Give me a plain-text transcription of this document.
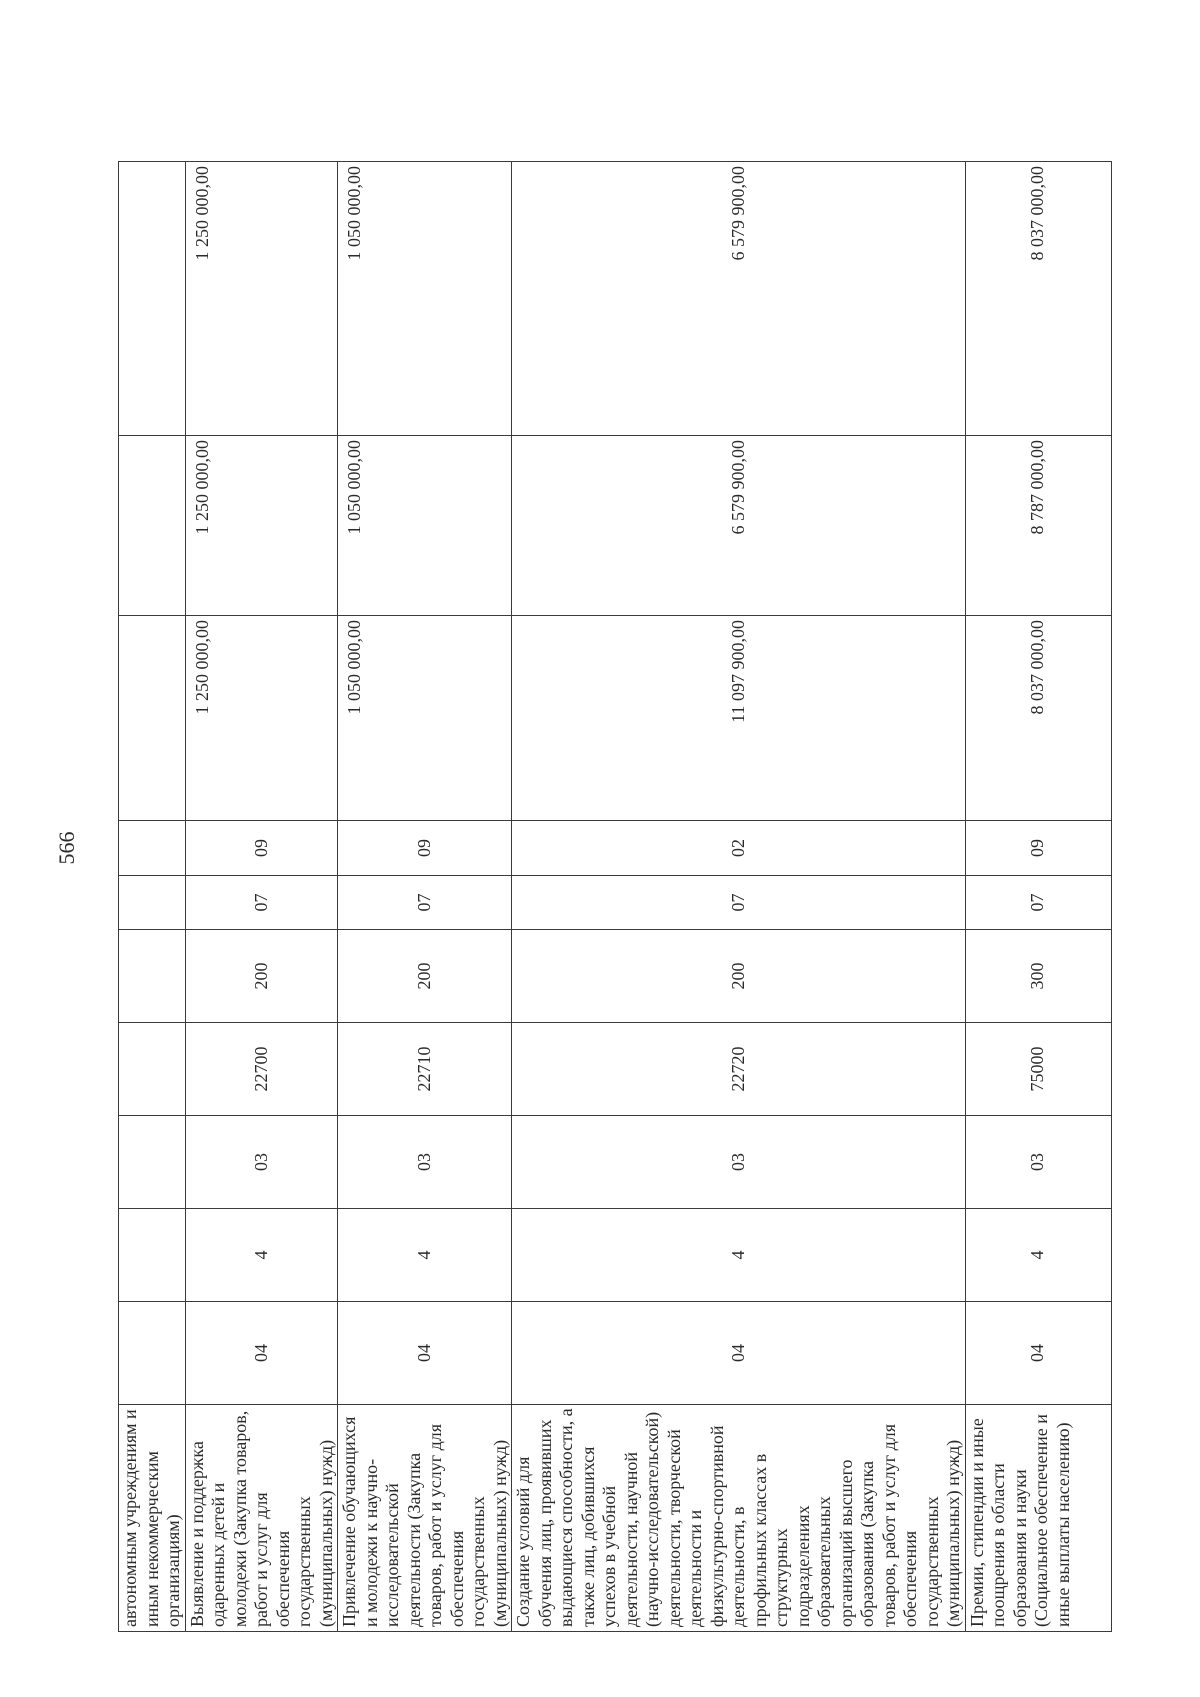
566
автономным учреждениям и иным некоммерческим организациям)										
Выявление и поддержка одаренных детей и молодежи (Закупка товаров, работ и услуг для обеспечения государственных (муниципальных) нужд)	04	4	03	22700	200	07	09	1 250 000,00	1 250 000,00	1 250 000,00
Привлечение обучающихся и молодежи к научно-исследовательской деятельности (Закупка товаров, работ и услуг для обеспечения государственных (муниципальных) нужд)	04	4	03	22710	200	07	09	1 050 000,00	1 050 000,00	1 050 000,00
Создание условий для обучения лиц, проявивших выдающиеся способности, а также лиц, добившихся успехов в учебной деятельности, научной (научно-исследовательской) деятельности, творческой деятельности и физкультурно-спортивной деятельности, в профильных классах в структурных подразделениях образовательных организаций высшего образования (Закупка товаров, работ и услуг для обеспечения государственных (муниципальных) нужд)	04	4	03	22720	200	07	02	11 097 900,00	6 579 900,00	6 579 900,00
Премии, стипендии и иные поощрения в области образования и науки (Социальное обеспечение и иные выплаты населению)	04	4	03	75000	300	07	09	8 037 000,00	8 787 000,00	8 037 000,00
